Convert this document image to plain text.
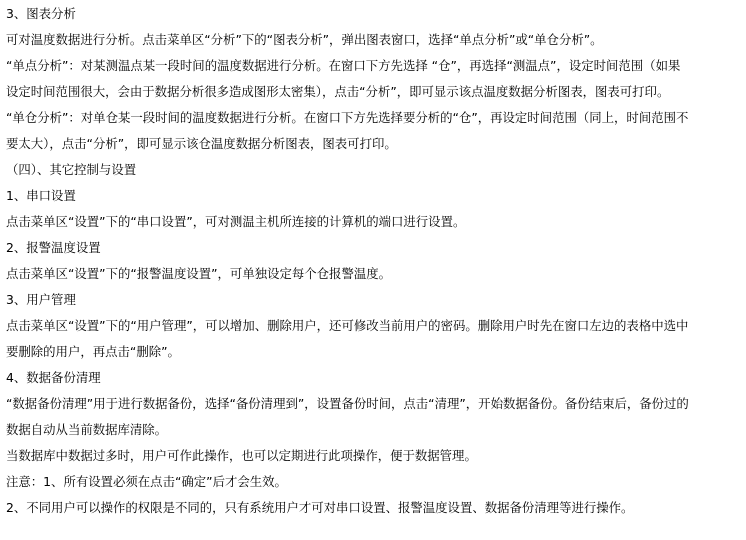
3、图表分析
可对温度数据进行分析。点击菜单区“分析”下的“图表分析”，弹出图表窗口，选择“单点分析”或“单仓分析”。
“单点分析”：对某测温点某一段时间的温度数据进行分析。在窗口下方先选择 “仓”，再选择“测温点”，设定时间范围（如果
设定时间范围很大，会由于数据分析很多造成图形太密集），点击“分析”，即可显示该点温度数据分析图表，图表可打印。
“单仓分析”：对单仓某一段时间的温度数据进行分析。在窗口下方先选择要分析的“仓”，再设定时间范围（同上，时间范围不
要太大），点击“分析”，即可显示该仓温度数据分析图表，图表可打印。
（四）、其它控制与设置
1、串口设置
点击菜单区“设置”下的“串口设置”，可对测温主机所连接的计算机的端口进行设置。
2、报警温度设置
点击菜单区“设置”下的“报警温度设置”，可单独设定每个仓报警温度。
3、用户管理
点击菜单区“设置”下的“用户管理”，可以增加、删除用户，还可修改当前用户的密码。删除用户时先在窗口左边的表格中选中
要删除的用户，再点击“删除”。
4、数据备份清理
“数据备份清理”用于进行数据备份，选择“备份清理到”，设置备份时间，点击“清理”，开始数据备份。备份结束后，备份过的
数据自动从当前数据库清除。
当数据库中数据过多时，用户可作此操作，也可以定期进行此项操作，便于数据管理。
注意：1、所有设置必须在点击“确定”后才会生效。
2、不同用户可以操作的权限是不同的，只有系统用户才可对串口设置、报警温度设置、数据备份清理等进行操作。
